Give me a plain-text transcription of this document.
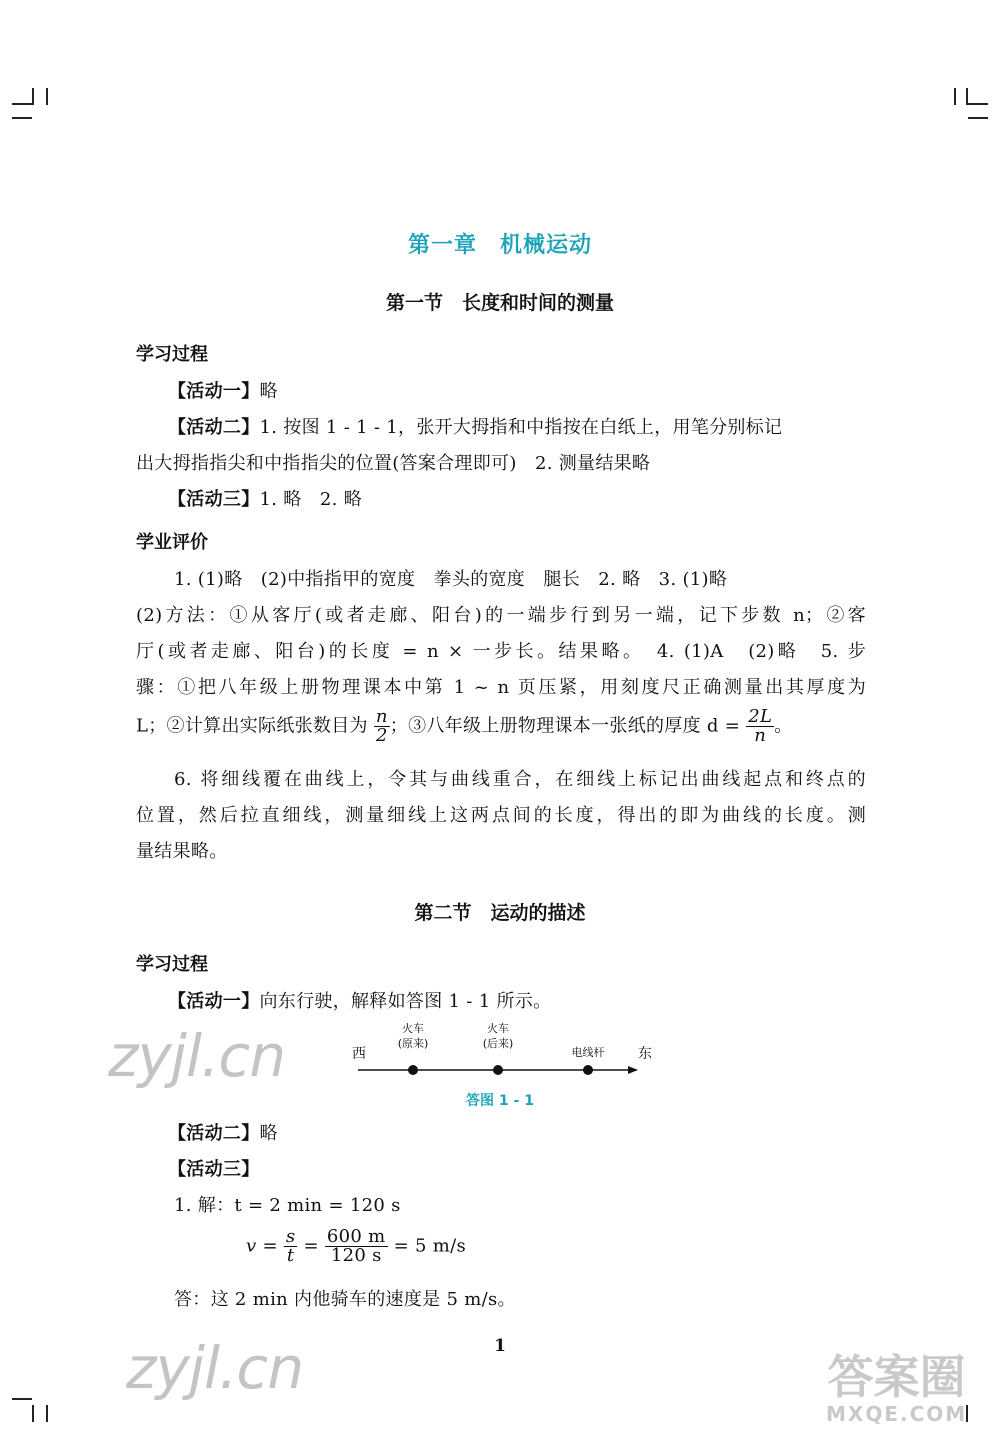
第一章　机械运动
第一节　长度和时间的测量
学习过程
【活动一】略
【活动二】1. 按图 1 - 1 - 1，张开大拇指和中指按在白纸上，用笔分别标记
出大拇指指尖和中指指尖的位置(答案合理即可)　2. 测量结果略
【活动三】1. 略　2. 略
学业评价
1. (1)略　(2)中指指甲的宽度　拳头的宽度　腿长　2. 略　3. (1)略
(2)方法：①从客厅(或者走廊、阳台)的一端步行到另一端，记下步数 n；②客
厅(或者走廊、阳台)的长度 = n × 一步长。结果略。　4. (1)A　(2)略　5. 步
骤：①把八年级上册物理课本中第 1 ~ n 页压紧，用刻度尺正确测量出其厚度为
L；②计算出实际纸张数目为 $\frac{n}{2}$ ；③八年级上册物理课本一张纸的厚度 $d = \frac{2L}{n}$ 。
6. 将细线覆在曲线上，令其与曲线重合，在细线上标记出曲线起点和终点的
位置，然后拉直细线，测量细线上这两点间的长度，得出的即为曲线的长度。测
量结果略。
第二节　运动的描述
学习过程
【活动一】向东行驶，解释如答图 1 - 1 所示。
西	东
火车
(原来)
火车
(后来)
电线杆
答图 1 - 1
【活动二】略
【活动三】
1. 解：t = 2 min = 120 s
$v = \frac{s}{t} = \frac{600 m}{120 s} = 5$ m/s
答：这 2 min 内他骑车的速度是 5 m/s。
1
zyjl.cn
zyjl.cn	答案圈
MXQE.COM
